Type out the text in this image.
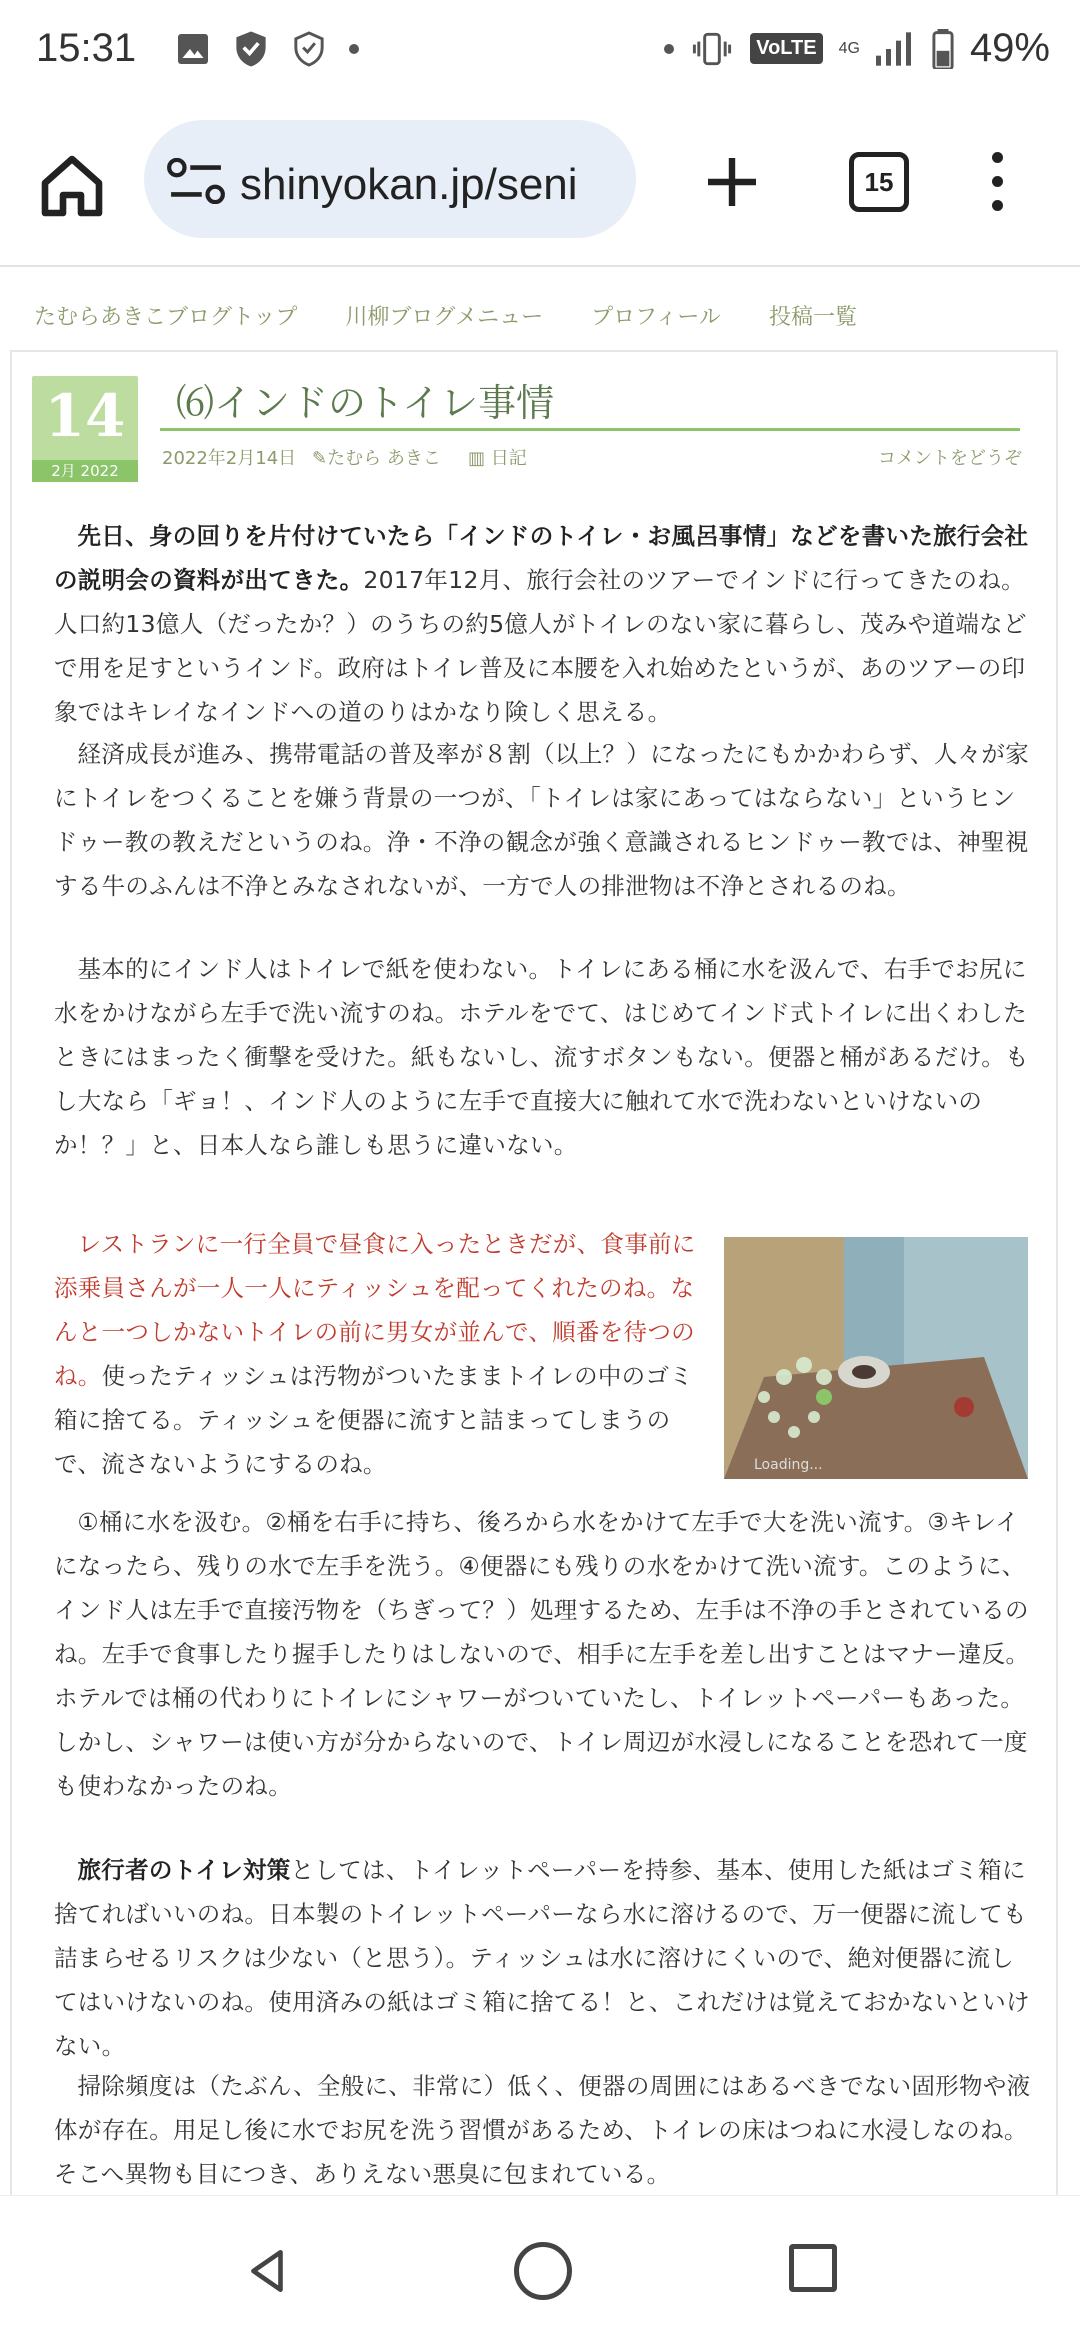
15:31	VoLTE	4G	49%
shinyokan.jp/seni	15
たむらあきこブログトップ 川柳ブログメニュー プロフィール 投稿一覧
14
2月 2022
⑹インドのトイレ事情
2022年2月14日 ✎たむら あきこ ▥ 日記	コメントをどうぞ

先日、身の回りを片付けていたら「インドのトイレ・お風呂事情」などを書いた旅行会社の説明会の資料が出てきた。2017年12月、旅行会社のツアーでインドに行ってきたのね。人口約13億人（だったか？）のうちの約5億人がトイレのない家に暮らし、茂みや道端などで用を足すというインド。政府はトイレ普及に本腰を入れ始めたというが、あのツアーの印象ではキレイなインドへの道のりはかなり険しく思える。

経済成長が進み、携帯電話の普及率が８割（以上？）になったにもかかわらず、人々が家にトイレをつくることを嫌う背景の一つが、「トイレは家にあってはならない」というヒンドゥー教の教えだというのね。浄・不浄の観念が強く意識されるヒンドゥー教では、神聖視する牛のふんは不浄とみなされないが、一方で人の排泄物は不浄とされるのね。

基本的にインド人はトイレで紙を使わない。トイレにある桶に水を汲んで、右手でお尻に水をかけながら左手で洗い流すのね。ホテルをでて、はじめてインド式トイレに出くわしたときにはまったく衝撃を受けた。紙もないし、流すボタンもない。便器と桶があるだけ。もし大なら「ギョ！、インド人のように左手で直接大に触れて水で洗わないといけないのか！？」と、日本人なら誰しも思うに違いない。

レストランに一行全員で昼食に入ったときだが、食事前に
添乗員さんが一人一人にティッシュを配ってくれたのね。な
んと一つしかないトイレの前に男女が並んで、順番を待つの
ね。使ったティッシュは汚物がついたままトイレの中のゴミ
箱に捨てる。ティッシュを便器に流すと詰まってしまうの
で、流さないようにするのね。	Loading...

①桶に水を汲む。②桶を右手に持ち、後ろから水をかけて左手で大を洗い流す。③キレイになったら、残りの水で左手を洗う。④便器にも残りの水をかけて洗い流す。このように、インド人は左手で直接汚物を（ちぎって？）処理するため、左手は不浄の手とされているのね。左手で食事したり握手したりはしないので、相手に左手を差し出すことはマナー違反。ホテルでは桶の代わりにトイレにシャワーがついていたし、トイレットペーパーもあった。しかし、シャワーは使い方が分からないので、トイレ周辺が水浸しになることを恐れて一度も使わなかったのね。

旅行者のトイレ対策としては、トイレットペーパーを持参、基本、使用した紙はゴミ箱に捨てればいいのね。日本製のトイレットペーパーなら水に溶けるので、万一便器に流しても詰まらせるリスクは少ない（と思う）。ティッシュは水に溶けにくいので、絶対便器に流してはいけないのね。使用済みの紙はゴミ箱に捨てる！と、これだけは覚えておかないといけない。

掃除頻度は（たぶん、全般に、非常に）低く、便器の周囲にはあるべきでない固形物や液体が存在。用足し後に水でお尻を洗う習慣があるため、トイレの床はつねに水浸しなのね。そこへ異物も目につき、ありえない悪臭に包まれている。
